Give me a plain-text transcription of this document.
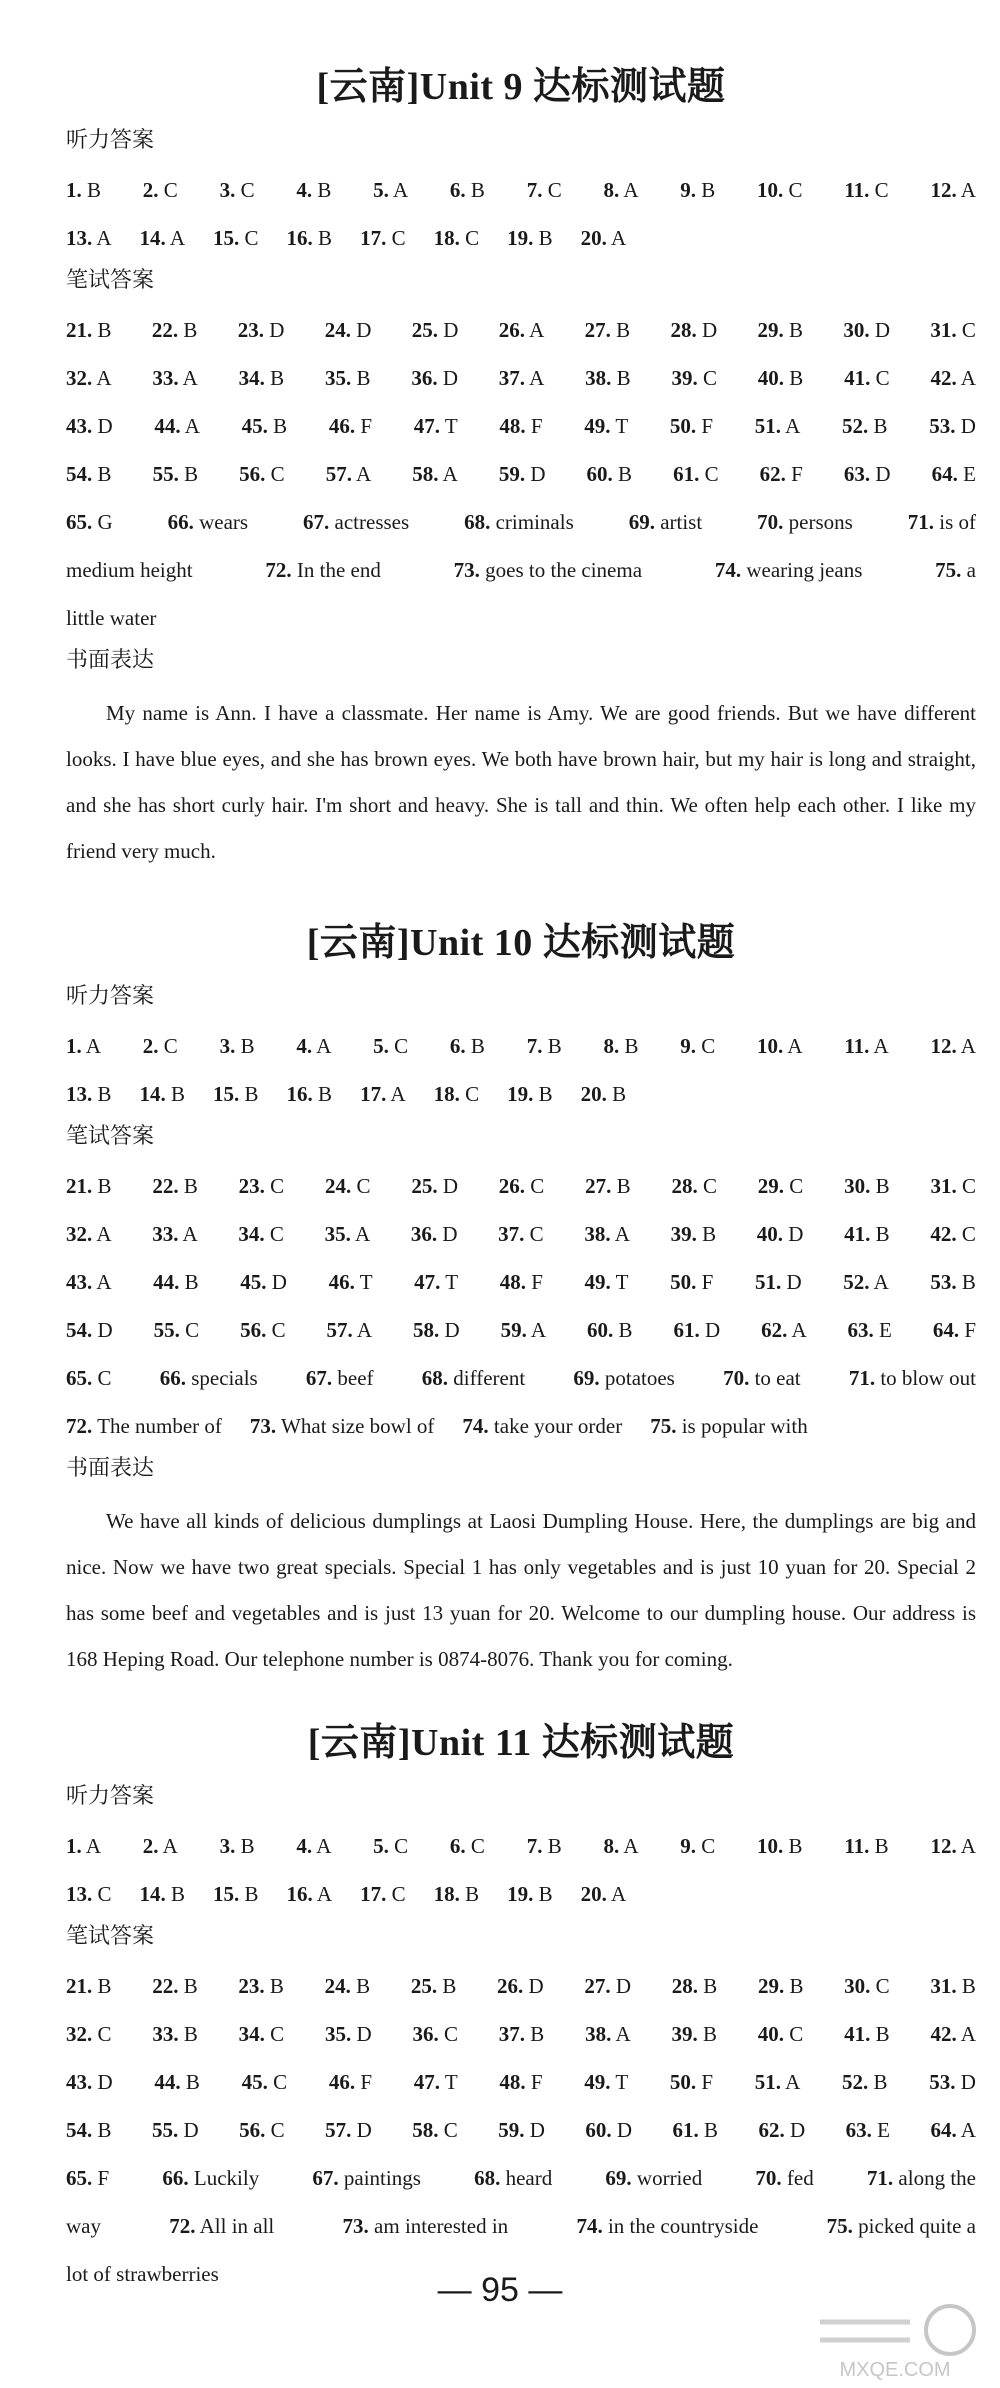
[云南]Unit 9 达标测试题
听力答案
1. B 2. C 3. C 4. B 5. A 6. B 7. C 8. A 9. B 10. C 11. C 12. A
13. A 14. A 15. C 16. B 17. C 18. C 19. B 20. A
笔试答案
21. B 22. B 23. D 24. D 25. D 26. A 27. B 28. D 29. B 30. D 31. C
32. A 33. A 34. B 35. B 36. D 37. A 38. B 39. C 40. B 41. C 42. A
43. D 44. A 45. B 46. F 47. T 48. F 49. T 50. F 51. A 52. B 53. D
54. B 55. B 56. C 57. A 58. A 59. D 60. B 61. C 62. F 63. D 64. E
65. G	66. wears	67. actresses	68. criminals	69. artist	70. persons	71. is of
medium height	72. In the end	73. goes to the cinema	74. wearing jeans	75. a
little water
书面表达
My name is Ann. I have a classmate. Her name is Amy. We are good friends. But we have different looks. I have blue eyes, and she has brown eyes. We both have brown hair, but my hair is long and straight, and she has short curly hair. I'm short and heavy. She is tall and thin. We often help each other. I like my friend very much.
[云南]Unit 10 达标测试题
听力答案
1. A 2. C 3. B 4. A 5. C 6. B 7. B 8. B 9. C 10. A 11. A 12. A
13. B 14. B 15. B 16. B 17. A 18. C 19. B 20. B
笔试答案
21. B 22. B 23. C 24. C 25. D 26. C 27. B 28. C 29. C 30. B 31. C
32. A 33. A 34. C 35. A 36. D 37. C 38. A 39. B 40. D 41. B 42. C
43. A 44. B 45. D 46. T 47. T 48. F 49. T 50. F 51. D 52. A 53. B
54. D 55. C 56. C 57. A 58. D 59. A 60. B 61. D 62. A 63. E 64. F
65. C 66. specials 67. beef 68. different 69. potatoes 70. to eat 71. to blow out
72. The number of 73. What size bowl of 74. take your order 75. is popular with
书面表达
We have all kinds of delicious dumplings at Laosi Dumpling House. Here, the dumplings are big and nice. Now we have two great specials. Special 1 has only vegetables and is just 10 yuan for 20. Special 2 has some beef and vegetables and is just 13 yuan for 20. Welcome to our dumpling house. Our address is 168 Heping Road. Our telephone number is 0874-8076. Thank you for coming.
[云南]Unit 11 达标测试题
听力答案
1. A 2. A 3. B 4. A 5. C 6. C 7. B 8. A 9. C 10. B 11. B 12. A
13. C 14. B 15. B 16. A 17. C 18. B 19. B 20. A
笔试答案
21. B 22. B 23. B 24. B 25. B 26. D 27. D 28. B 29. B 30. C 31. B
32. C 33. B 34. C 35. D 36. C 37. B 38. A 39. B 40. C 41. B 42. A
43. D 44. B 45. C 46. F 47. T 48. F 49. T 50. F 51. A 52. B 53. D
54. B 55. D 56. C 57. D 58. C 59. D 60. D 61. B 62. D 63. E 64. A
65. F	66. Luckily	67. paintings	68. heard	69. worried	70. fed	71. along the
way	72. All in all	73. am interested in	74. in the countryside	75. picked quite a
lot of strawberries	— 95 —
MXQE.COM
